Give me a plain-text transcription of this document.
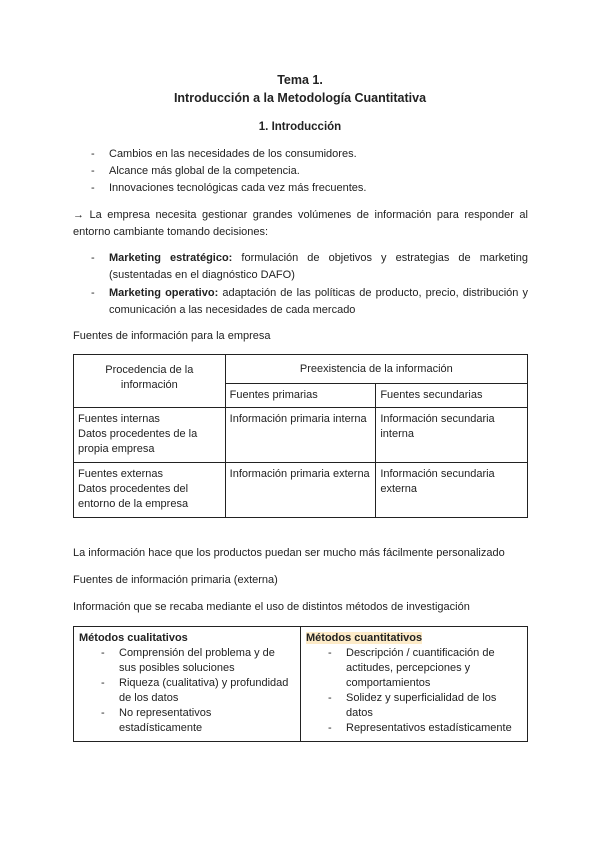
Tema 1.
Introducción a la Metodología Cuantitativa
1. Introducción
- Cambios en las necesidades de los consumidores.
- Alcance más global de la competencia.
- Innovaciones tecnológicas cada vez más frecuentes.
→ La empresa necesita gestionar grandes volúmenes de información para responder al entorno cambiante tomando decisiones:
- Marketing estratégico: formulación de objetivos y estrategias de marketing (sustentadas en el diagnóstico DAFO)
- Marketing operativo: adaptación de las políticas de producto, precio, distribución y comunicación a las necesidades de cada mercado
Fuentes de información para la empresa
Procedencia de la información	Preexistencia de la información	
	Fuentes primarias	Fuentes secundarias

Fuentes internas
Datos procedentes de la propia empresa	Información primaria interna	Información secundaria interna

Fuentes externas
Datos procedentes del entorno de la empresa	Información primaria externa	Información secundaria externa
La información hace que los productos puedan ser mucho más fácilmente personalizado
Fuentes de información primaria (externa)
Información que se recaba mediante el uso de distintos métodos de investigación
Métodos cualitativos
- Comprensión del problema y de sus posibles soluciones
- Riqueza (cualitativa) y profundidad de los datos
- No representativos estadísticamente

Métodos cuantitativos
- Descripción / cuantificación de actitudes, percepciones y comportamientos
- Solidez y superficialidad de los datos
- Representativos estadísticamente
